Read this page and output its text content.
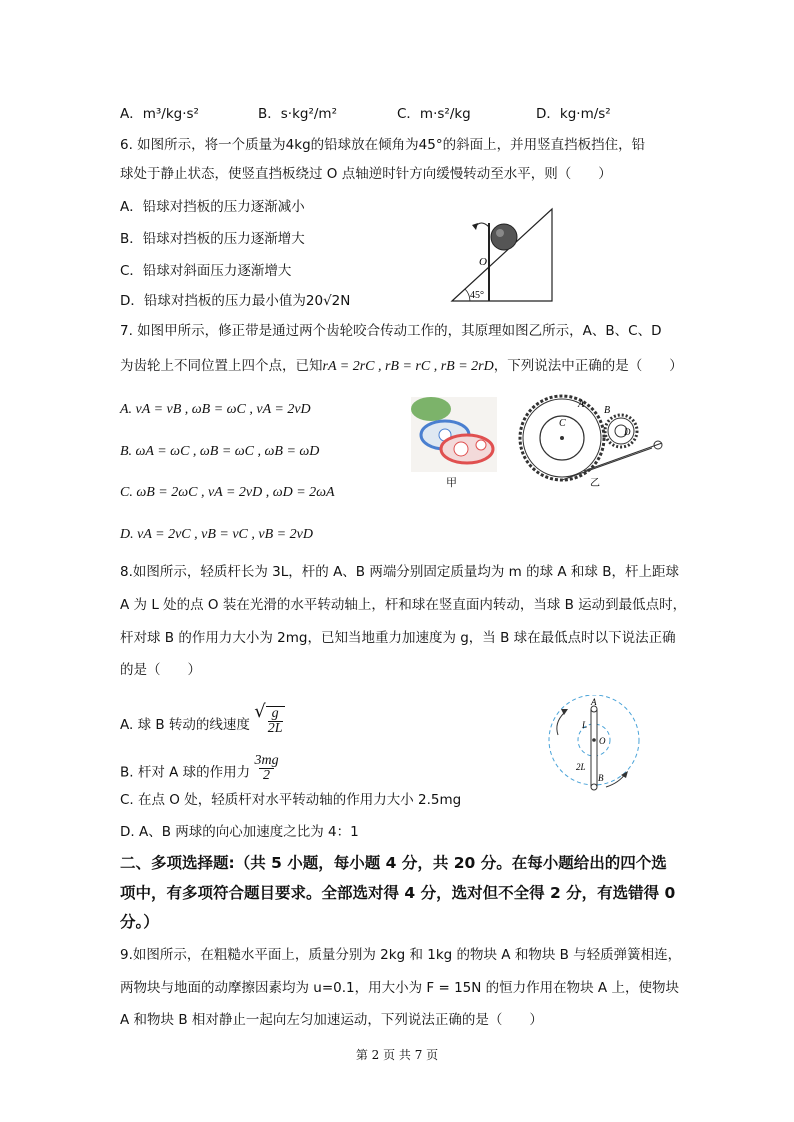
A．m³/kg·s²	B．s·kg²/m²	C．m·s²/kg	D．kg·m/s²
6. 如图所示，将一个质量为4kg的铅球放在倾角为45°的斜面上，并用竖直挡板挡住，铅
球处于静止状态，使竖直挡板绕过 O 点轴逆时针方向缓慢转动至水平，则（　　）
A．铅球对挡板的压力逐渐减小
B．铅球对挡板的压力逐渐增大
C．铅球对斜面压力逐渐增大
D．铅球对挡板的压力最小值为20√2N
O
45°
7. 如图甲所示，修正带是通过两个齿轮咬合传动工作的，其原理如图乙所示，A、B、C、D
为齿轮上不同位置上四个点，已知rA = 2rC , rB = rC , rB = 2rD，下列说法中正确的是（　　）
A. vA = vB , ωB = ωC , vA = 2vD
B. ωA = ωC , ωB = ωC , ωB = ωD
C. ωB = 2ωC , vA = 2vD , ωD = 2ωA
D. vA = 2vC , vB = vC , vB = 2vD
甲
A
B
C
D
乙
8.如图所示，轻质杆长为 3L，杆的 A、B 两端分别固定质量均为 m 的球 A 和球 B，杆上距球
A 为 L 处的点 O 装在光滑的水平转动轴上，杆和球在竖直面内转动，当球 B 运动到最低点时，
杆对球 B 的作用力大小为 2mg，已知当地重力加速度为 g，当 B 球在最低点时以下说法正确
的是（　　）
A. 球 B 转动的线速度 √ $\frac{g}{2L}$
B. 杆对 A 球的作用力 $\frac{3mg}{2}$
C. 在点 O 处，轻质杆对水平转动轴的作用力大小 2.5mg
D. A、B 两球的向心加速度之比为 4：1
A
L
O
2L
B
二、多项选择题:（共 5 小题，每小题 4 分，共 20 分。在每小题给出的四个选
项中，有多项符合题目要求。全部选对得 4 分，选对但不全得 2 分，有选错得 0
分。）
9.如图所示，在粗糙水平面上，质量分别为 2kg 和 1kg 的物块 A 和物块 B 与轻质弹簧相连，
两物块与地面的动摩擦因素均为 u=0.1，用大小为 F = 15N 的恒力作用在物块 A 上，使物块
A 和物块 B 相对静止一起向左匀加速运动，下列说法正确的是（　　）
第 2 页 共 7 页
